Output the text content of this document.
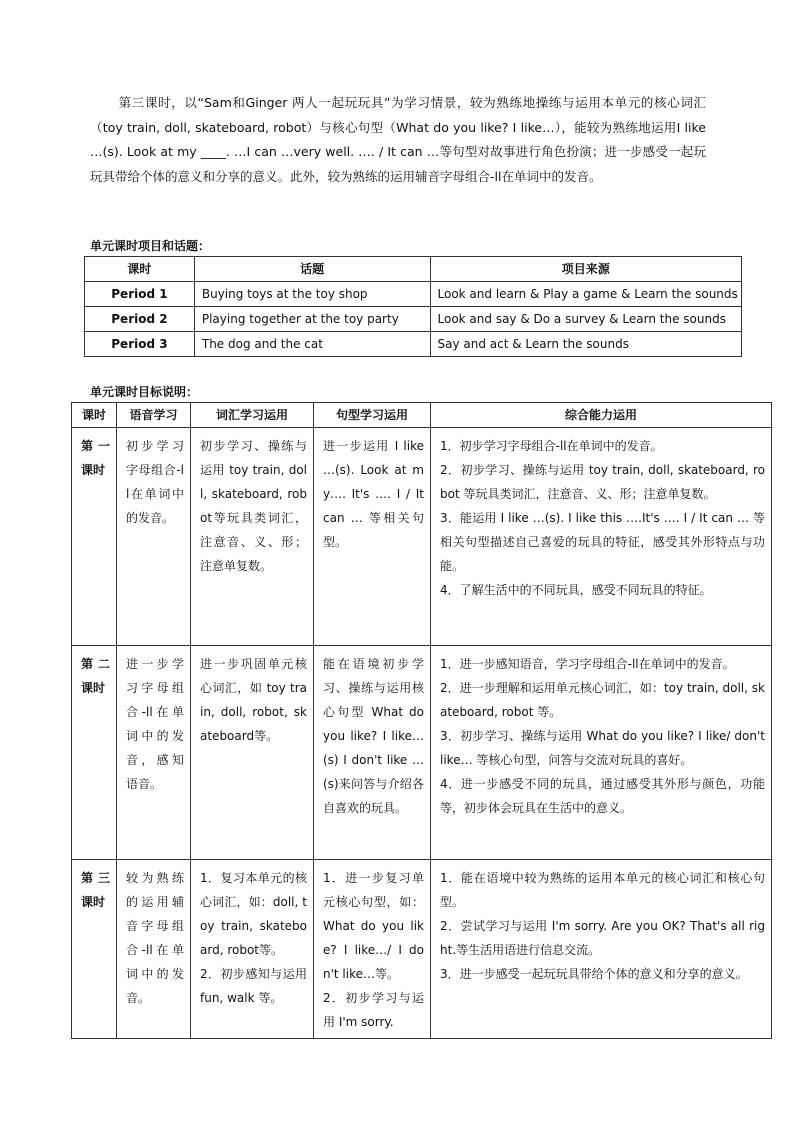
第三课时，以“Sam和Ginger 两人一起玩玩具”为学习情景，较为熟练地操练与运用本单元的核心词汇（toy train, doll, skateboard, robot）与核心句型（What do you like? I like…），能较为熟练地运用I like …(s). Look at my ____. …I can …very well. …. / It can …等句型对故事进行角色扮演；进一步感受一起玩玩具带给个体的意义和分享的意义。此外，较为熟练的运用辅音字母组合-ll在单词中的发音。
单元课时项目和话题：
课时	话题	项目来源
Period 1	Buying toys at the toy shop	Look and learn & Play a game & Learn the sounds
Period 2	Playing together at the toy party	Look and say & Do a survey & Learn the sounds
Period 3	The dog and the cat	Say and act & Learn the sounds
单元课时目标说明：
课时	语音学习	词汇学习运用	句型学习运用	综合能力运用
第一课时	初步学习字母组合-ll在单词中的发音。	初步学习、操练与运用 toy train, doll, skateboard, robot等玩具类词汇，注意音、义、形；注意单复数。	进一步运用 I like …(s). Look at my…. It's …. I / It can … 等相关句型。	1．初步学习字母组合-ll在单词中的发音。
2．初步学习、操练与运用 toy train, doll, skateboard, robot 等玩具类词汇，注意音、义、形；注意单复数。
3．能运用 I like …(s). I like this ….It's …. I / It can … 等相关句型描述自己喜爱的玩具的特征，感受其外形特点与功能。
4．了解生活中的不同玩具，感受不同玩具的特征。

第二课时	进一步学习字母组合-ll在单词中的发音，感知语音。	进一步巩固单元核心词汇，如 toy train, doll, robot, skateboard等。	能在语境初步学习、操练与运用核心句型 What do you like? I like…(s) I don't like … (s)来问答与介绍各自喜欢的玩具。	1．进一步感知语音，学习字母组合-ll在单词中的发音。
2．进一步理解和运用单元核心词汇，如：toy train, doll, skateboard, robot 等。
3．初步学习、操练与运用 What do you like? I like/ don't like… 等核心句型，问答与交流对玩具的喜好。
4．进一步感受不同的玩具，通过感受其外形与颜色，功能等，初步体会玩具在生活中的意义。

第三课时	较为熟练的运用辅音字母组合-ll在单词中的发音。	1．复习本单元的核心词汇，如：doll, toy train, skateboard, robot等。
2．初步感知与运用 fun, walk 等。	1．进一步复习单元核心句型，如：What do you like? I like…/ I don't like…等。
2．初步学习与运用 I'm sorry.	1．能在语境中较为熟练的运用本单元的核心词汇和核心句型。
2．尝试学习与运用 I'm sorry. Are you OK? That's all right.等生活用语进行信息交流。
3．进一步感受一起玩玩具带给个体的意义和分享的意义。
